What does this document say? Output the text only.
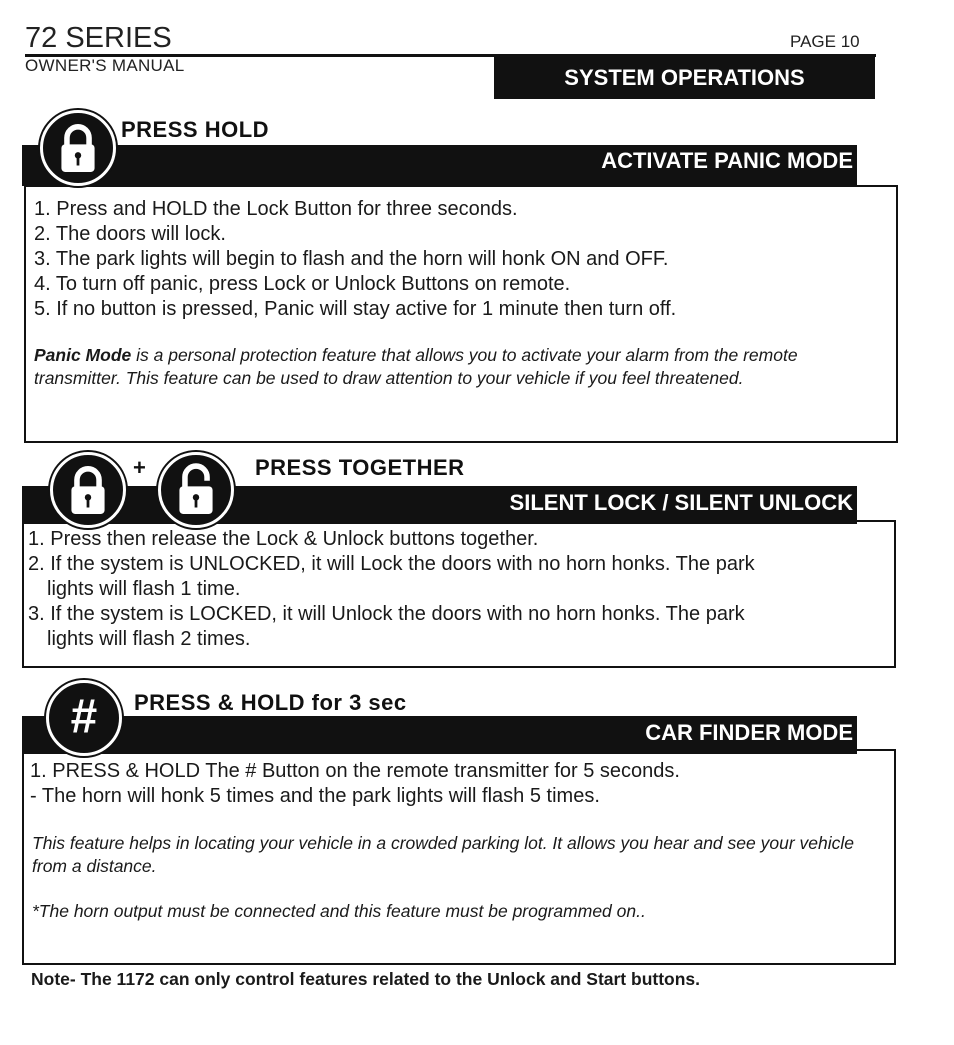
72 SERIES
OWNER'S MANUAL
PAGE 10
SYSTEM OPERATIONS
1. Press and HOLD the Lock Button for three seconds.
2. The doors will lock.
3. The park lights will begin to flash and the horn will honk ON and OFF.
4. To turn off panic, press Lock or Unlock Buttons on remote.
5. If no button is pressed, Panic will stay active for 1 minute then turn off.

Panic Mode is a personal protection feature that allows you to activate your alarm from the remote transmitter. This feature can be used to draw attention to your vehicle if you feel threatened.

ACTIVATE PANIC MODE
PRESS HOLD
1. Press then release the Lock & Unlock buttons together.
2. If the system is UNLOCKED, it will Lock the doors with no horn honks. The park
lights will flash 1 time.
3. If the system is LOCKED, it will Unlock the doors with no horn honks. The park
lights will flash 2 times.
SILENT LOCK / SILENT UNLOCK
PRESS TOGETHER
+
1. PRESS & HOLD The # Button on the remote transmitter for 5 seconds.
- The horn will honk 5 times and the park lights will flash 5 times.

This feature helps in locating your vehicle in a crowded parking lot. It allows you hear and see your vehicle from a distance.

*The horn output must be connected and this feature must be programmed on..

CAR FINDER MODE
PRESS & HOLD for 3 sec
#
Note- The 1172 can only control features related to the Unlock and Start buttons.
